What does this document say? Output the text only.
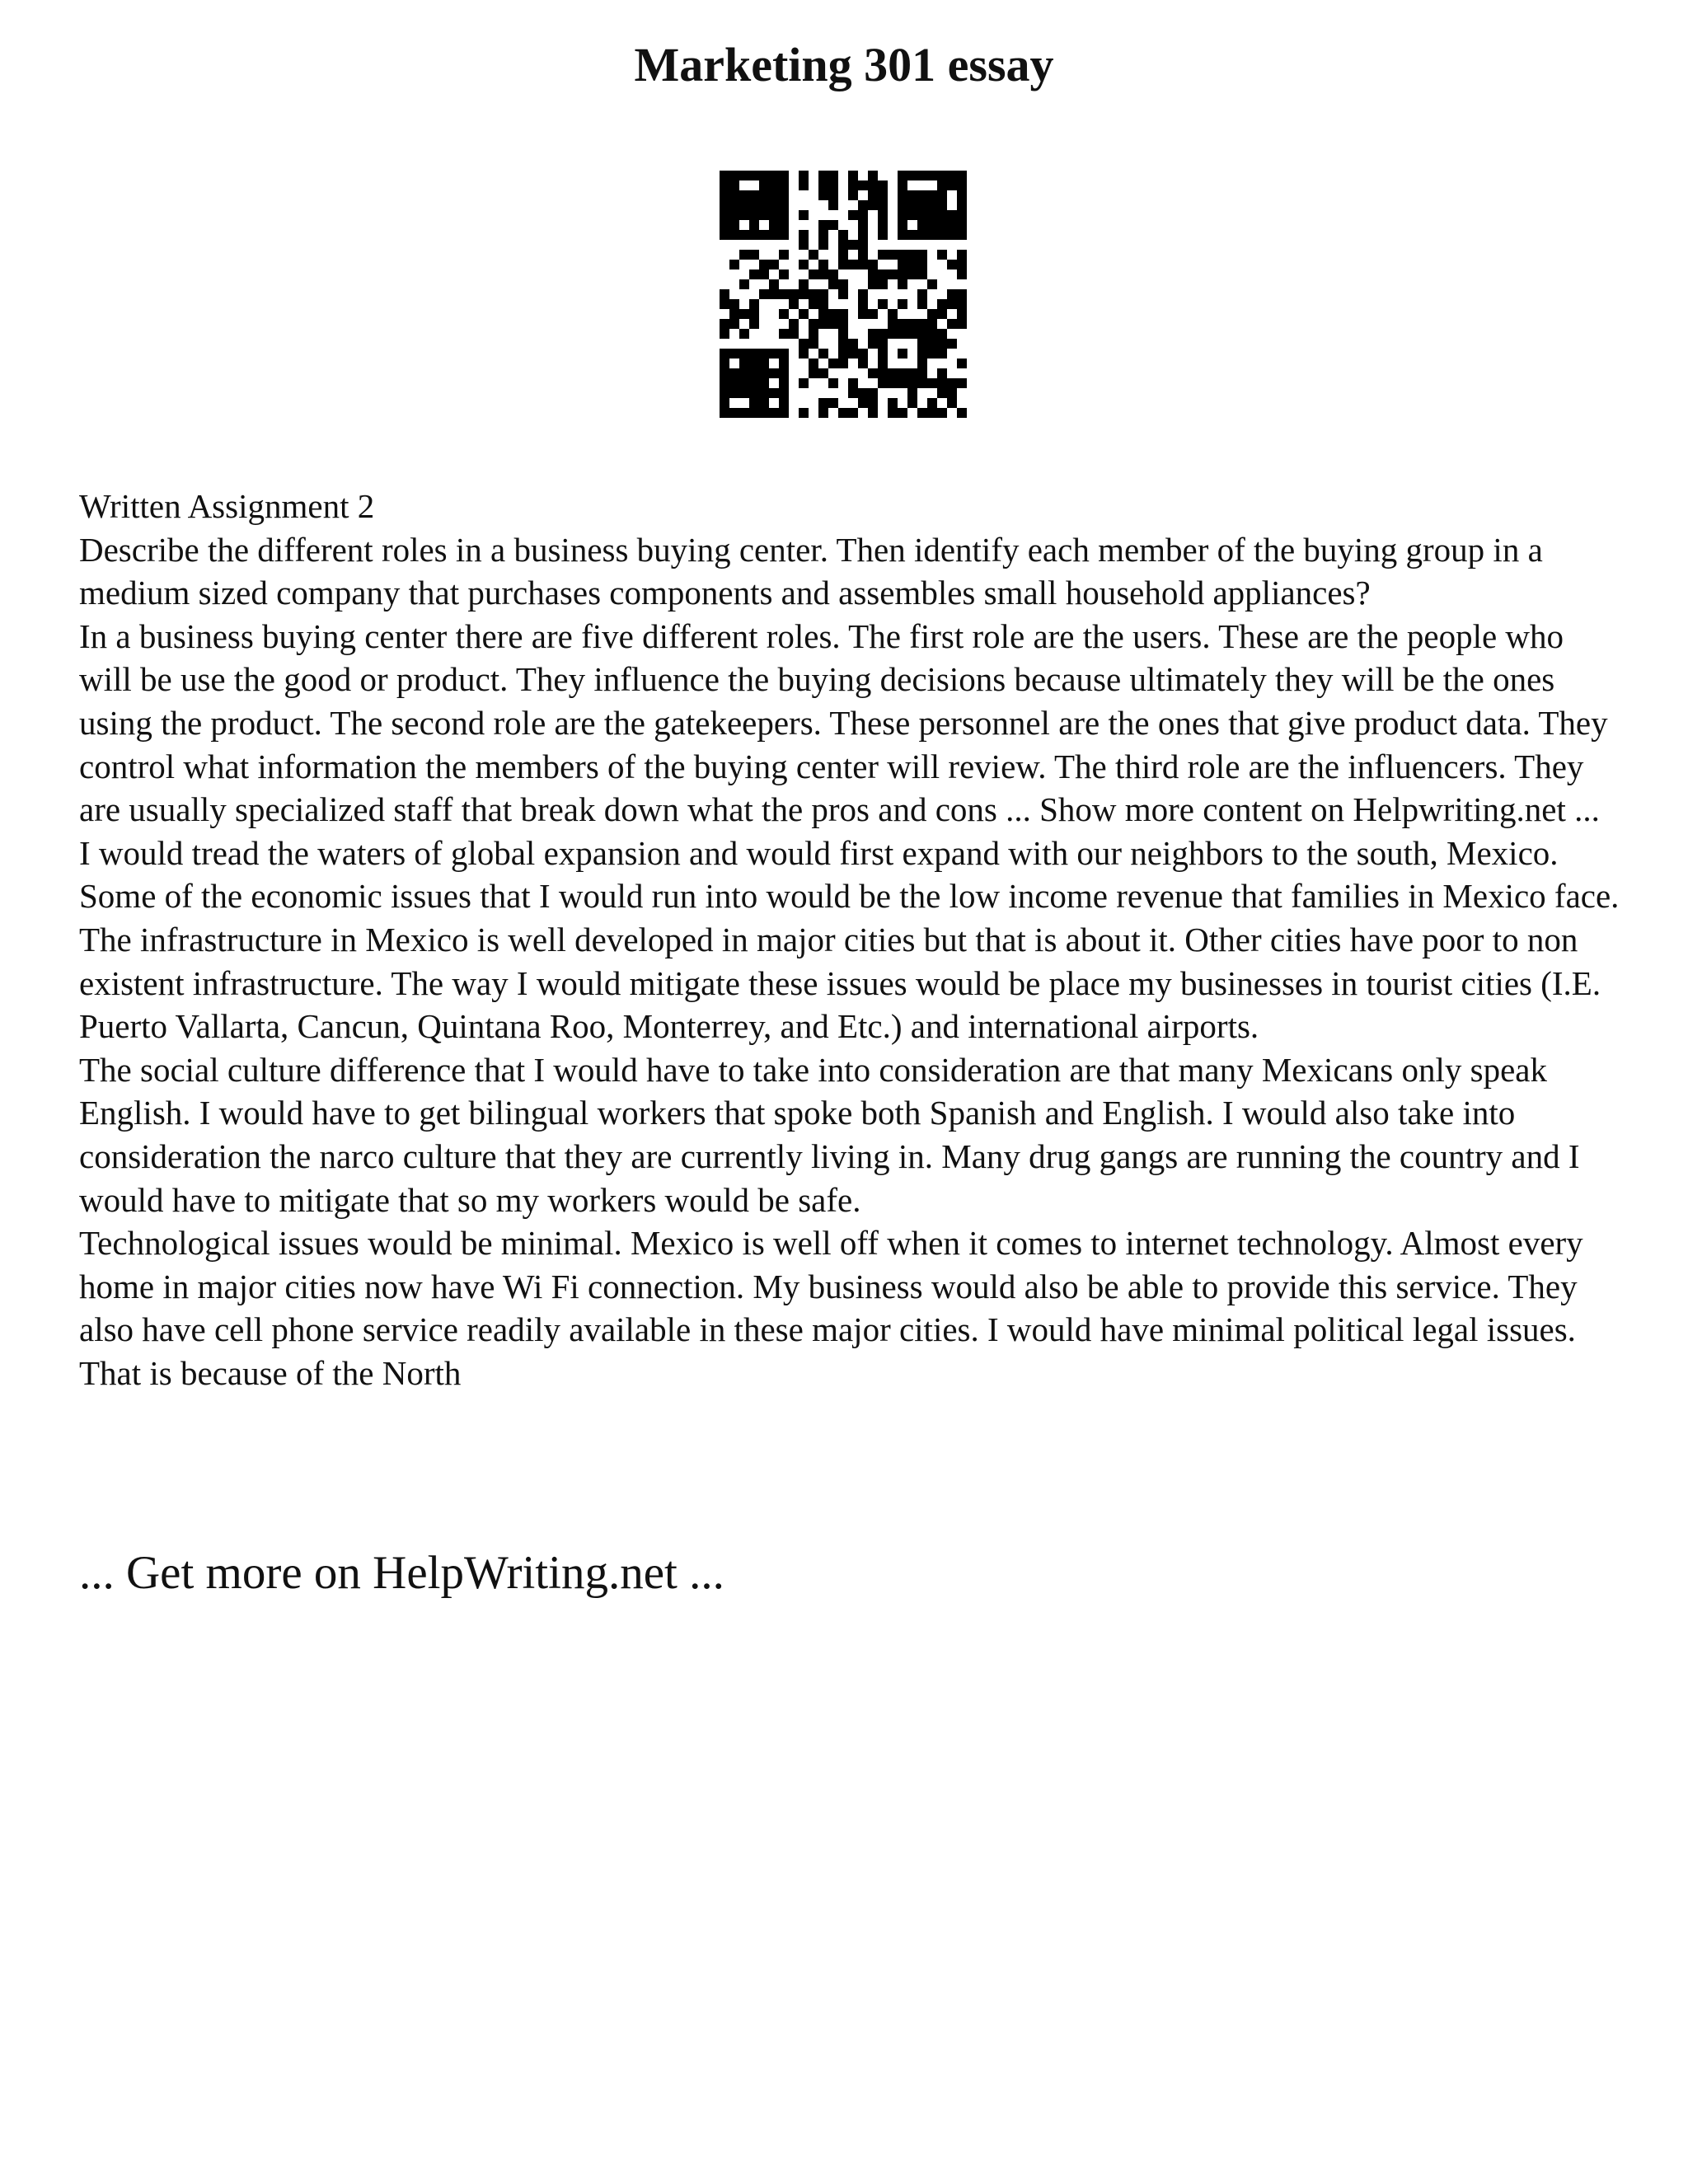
Marketing 301 essay

Written Assignment 2

Describe the different roles in a business buying center. Then identify each member of the buying group in a medium sized company that purchases components and assembles small household appliances?

In a business buying center there are five different roles. The first role are the users. These are the people who will be use the good or product. They influence the buying decisions because ultimately they will be the ones using the product. The second role are the gatekeepers. These personnel are the ones that give product data. They control what information the members of the buying center will review. The third role are the influencers. They are usually specialized staff that break down what the pros and cons ... Show more content on Helpwriting.net ...

I would tread the waters of global expansion and would first expand with our neighbors to the south, Mexico. Some of the economic issues that I would run into would be the low income revenue that families in Mexico face. The infrastructure in Mexico is well developed in major cities but that is about it. Other cities have poor to non existent infrastructure. The way I would mitigate these issues would be place my businesses in tourist cities (I.E. Puerto Vallarta, Cancun, Quintana Roo, Monterrey, and Etc.) and international airports.

The social culture difference that I would have to take into consideration are that many Mexicans only speak English. I would have to get bilingual workers that spoke both Spanish and English. I would also take into consideration the narco culture that they are currently living in. Many drug gangs are running the country and I would have to mitigate that so my workers would be safe.

Technological issues would be minimal. Mexico is well off when it comes to internet technology. Almost every home in major cities now have Wi Fi connection. My business would also be able to provide this service. They also have cell phone service readily available in these major cities. I would have minimal political legal issues. That is because of the North

... Get more on HelpWriting.net ...
